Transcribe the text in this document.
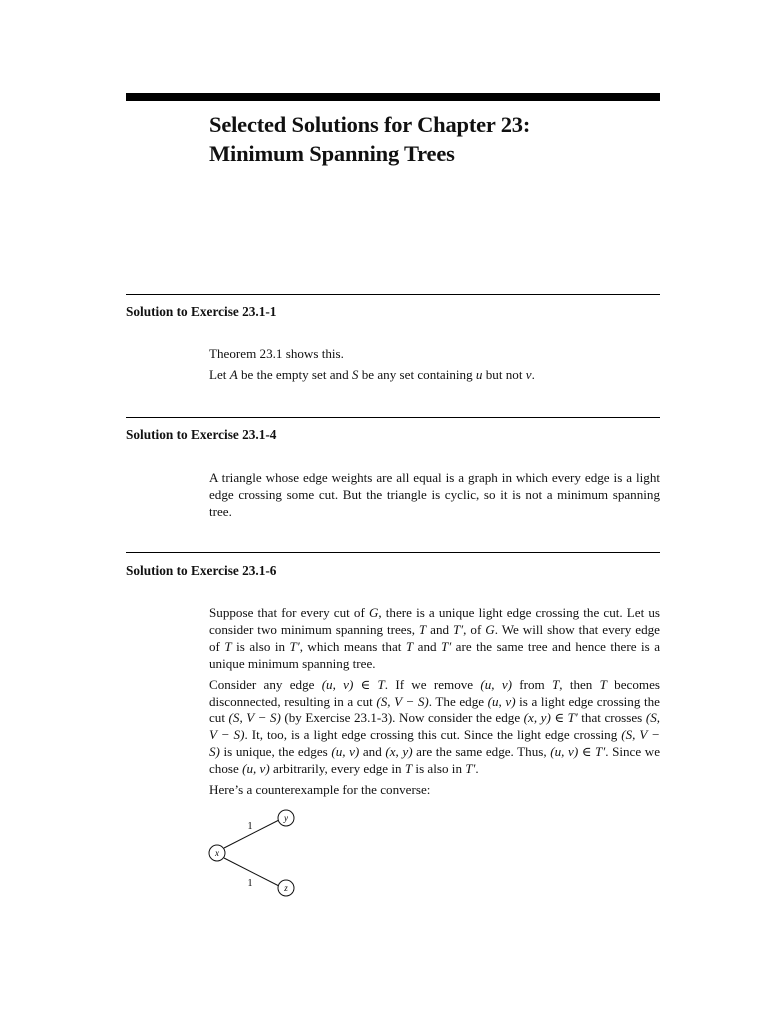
Selected Solutions for Chapter 23:
Minimum Spanning Trees
Solution to Exercise 23.1-1

Theorem 23.1 shows this.

Let A be the empty set and S be any set containing u but not v.

Solution to Exercise 23.1-4

A triangle whose edge weights are all equal is a graph in which every edge is a light edge crossing some cut. But the triangle is cyclic, so it is not a minimum spanning tree.

Solution to Exercise 23.1-6

Suppose that for every cut of G, there is a unique light edge crossing the cut. Let us consider two minimum spanning trees, T and T′, of G. We will show that every edge of T is also in T′, which means that T and T′ are the same tree and hence there is a unique minimum spanning tree.

Consider any edge (u, v) ∈ T. If we remove (u, v) from T, then T becomes disconnected, resulting in a cut (S, V − S). The edge (u, v) is a light edge crossing the cut (S, V − S) (by Exercise 23.1-3). Now consider the edge (x, y) ∈ T′ that crosses (S, V − S). It, too, is a light edge crossing this cut. Since the light edge crossing (S, V − S) is unique, the edges (u, v) and (x, y) are the same edge. Thus, (u, v) ∈ T′. Since we chose (u, v) arbitrarily, every edge in T is also in T′.

Here’s a counterexample for the converse:

1
1
x
y
z
